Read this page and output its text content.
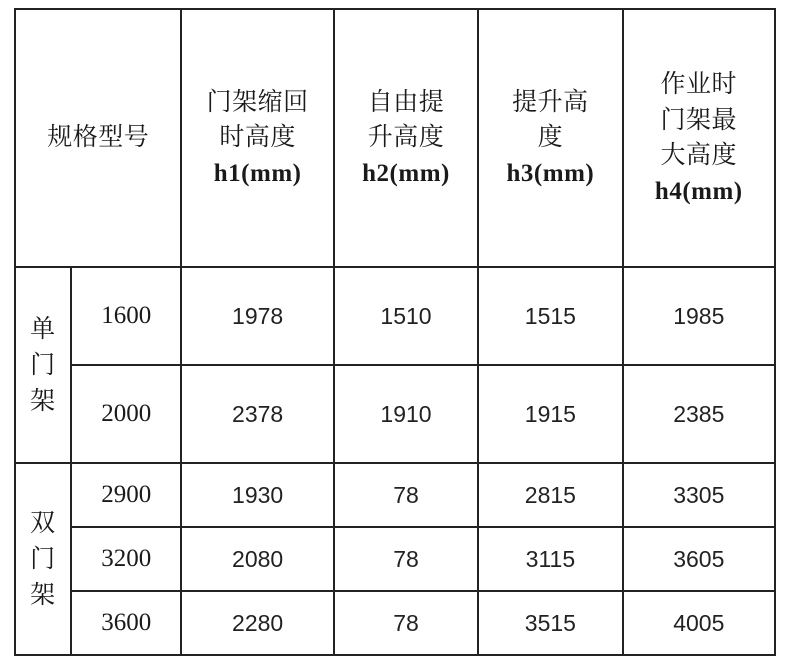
规格型号		门架缩回
时高度
h1(mm)	自由提
升高度
h2(mm)	提升高
度
h3(mm)	作业时
门架最
大高度
h4(mm)

单
门
架	1600	1978	1510	1515	1985
	2000	2378	1910	1915	2385

双
门
架	2900	1930	78	2815	3305
	3200	2080	78	3115	3605
	3600	2280	78	3515	4005
